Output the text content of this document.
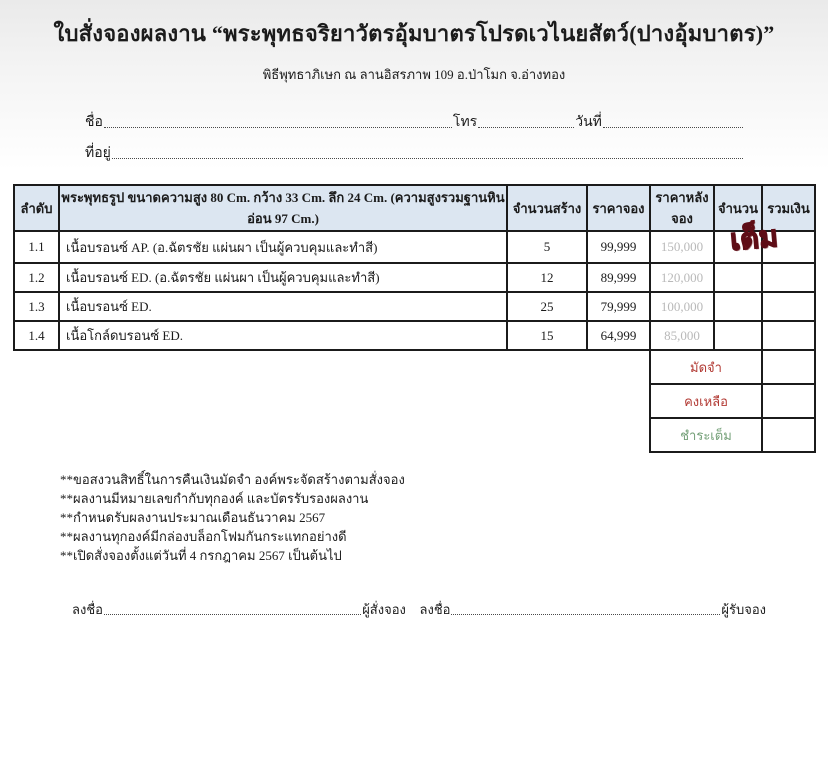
ใบสั่งจองผลงาน “พระพุทธจริยาวัตรอุ้มบาตรโปรดเวไนยสัตว์(ปางอุ้มบาตร)”
พิธีพุทธาภิเษก ณ ลานอิสรภาพ 109 อ.ป่าโมก จ.อ่างทอง
ชื่อ	โทร	วันที่
ที่อยู่
ลำดับ	พระพุทธรูป ขนาดความสูง 80 Cm. กว้าง 33 Cm. ลึก 24 Cm. (ความสูงรวมฐานหินอ่อน 97 Cm.)	จำนวนสร้าง	ราคาจอง	ราคาหลังจอง	จำนวน	รวมเงิน
1.1	เนื้อบรอนซ์ AP. (อ.ฉัตรชัย แผ่นผา เป็นผู้ควบคุมและทำสี)	5	99,999	150,000		
1.2	เนื้อบรอนซ์ ED. (อ.ฉัตรชัย แผ่นผา เป็นผู้ควบคุมและทำสี)	12	89,999	120,000		
1.3	เนื้อบรอนซ์ ED.	25	79,999	100,000		
1.4	เนื้อโกล์ดบรอนซ์ ED.	15	64,999	85,000		
มัดจำ	
คงเหลือ	
ชำระเต็ม	
เต็ม
**ขอสงวนสิทธิ์ในการคืนเงินมัดจำ องค์พระจัดสร้างตามสั่งจอง
**ผลงานมีหมายเลขกำกับทุกองค์ และบัตรรับรองผลงาน
**กำหนดรับผลงานประมาณเดือนธันวาคม 2567
**ผลงานทุกองค์มีกล่องบล็อกโฟมกันกระแทกอย่างดี
**เปิดสั่งจองตั้งแต่วันที่ 4 กรกฎาคม 2567 เป็นต้นไป
ลงชื่อ	ผู้สั่งจอง ลงชื่อ	ผู้รับจอง
